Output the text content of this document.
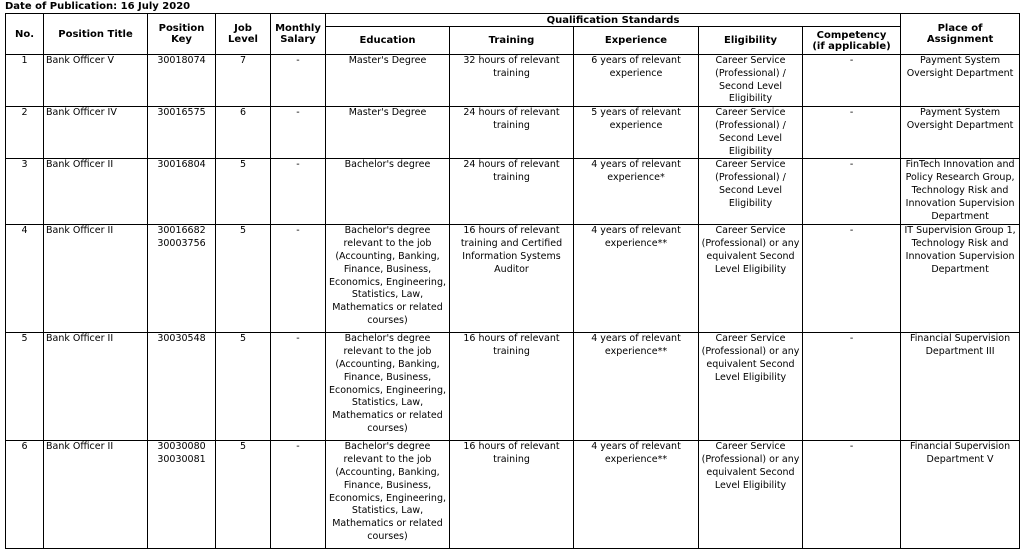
Date of Publication: 16 July 2020
No.	Position Title	Position Key	Job Level	Monthly Salary	Qualification Standards					Place of Assignment
					Education	Training	Experience	Eligibility	Competency
(if applicable)	

1	Bank Officer V	30018074	7	-	Master's Degree	32 hours of relevant training	6 years of relevant experience	Career Service (Professional) / Second Level Eligibility	-	Payment System Oversight Department
2	Bank Officer IV	30016575	6	-	Master's Degree	24 hours of relevant training	5 years of relevant experience	Career Service (Professional) / Second Level Eligibility	-	Payment System Oversight Department
3	Bank Officer II	30016804	5	-	Bachelor's degree	24 hours of relevant training	4 years of relevant experience*	Career Service (Professional) / Second Level Eligibility	-	FinTech Innovation and Policy Research Group, Technology Risk and Innovation Supervision Department
4	Bank Officer II	30016682
30003756	5	-	Bachelor's degree relevant to the job (Accounting, Banking, Finance, Business, Economics, Engineering, Statistics, Law, Mathematics or related courses)	16 hours of relevant training and Certified Information Systems Auditor	4 years of relevant experience**	Career Service (Professional) or any equivalent Second Level Eligibility	-	IT Supervision Group 1, Technology Risk and Innovation Supervision Department
5	Bank Officer II	30030548	5	-	Bachelor's degree relevant to the job (Accounting, Banking, Finance, Business, Economics, Engineering, Statistics, Law, Mathematics or related courses)	16 hours of relevant training	4 years of relevant experience**	Career Service (Professional) or any equivalent Second Level Eligibility	-	Financial Supervision Department III
6	Bank Officer II	30030080
30030081	5	-	Bachelor's degree relevant to the job (Accounting, Banking, Finance, Business, Economics, Engineering, Statistics, Law, Mathematics or related courses)	16 hours of relevant training	4 years of relevant experience**	Career Service (Professional) or any equivalent Second Level Eligibility	-	Financial Supervision Department V
